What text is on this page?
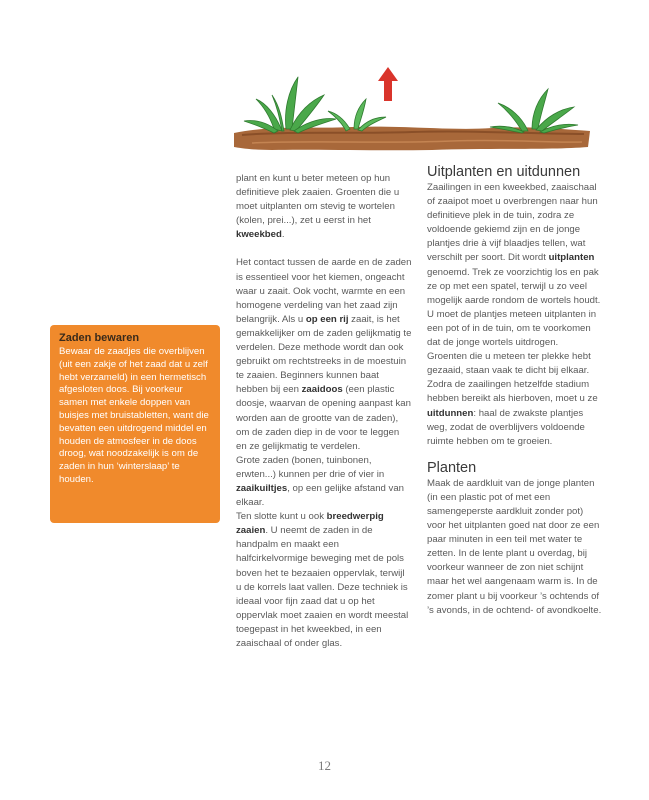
Zaden bewaren

Bewaar de zaadjes die overblijven (uit een zakje of het zaad dat u zelf hebt verzameld) in een hermetisch afgesloten doos. Bij voorkeur samen met enkele doppen van buisjes met bruistabletten, want die bevatten een uitdrogend middel en houden de atmosfeer in de doos droog, wat noodzakelijk is om de zaden in hun ‘winterslaap’ te houden.

plant en kunt u beter meteen op hun definitieve plek zaaien. Groenten die u moet uitplanten om stevig te wortelen (kolen, prei...), zet u eerst in het kweekbed.

Het contact tussen de aarde en de zaden is essentieel voor het kiemen, ongeacht waar u zaait. Ook vocht, warmte en een homogene verdeling van het zaad zijn belangrijk. Als u op een rij zaait, is het gemakkelijker om de zaden gelijkmatig te verdelen. Deze methode wordt dan ook gebruikt om rechtstreeks in de moestuin te zaaien. Beginners kunnen baat hebben bij een zaaidoos (een plastic doosje, waarvan de opening aanpast kan worden aan de grootte van de zaden), om de zaden diep in de voor te leggen en ze gelijkmatig te verdelen.

Grote zaden (bonen, tuinbonen, erwten...) kunnen per drie of vier in zaaikuiltjes, op een gelijke afstand van elkaar.

Ten slotte kunt u ook breedwerpig zaaien. U neemt de zaden in de handpalm en maakt een halfcirkelvormige beweging met de pols boven het te bezaaien oppervlak, terwijl u de korrels laat vallen. Deze techniek is ideaal voor fijn zaad dat u op het oppervlak moet zaaien en wordt meestal toegepast in het kweekbed, in een zaaischaal of onder glas.

Uitplanten en uitdunnen

Zaailingen in een kweekbed, zaaischaal of zaaipot moet u overbrengen naar hun definitieve plek in de tuin, zodra ze voldoende gekiemd zijn en de jonge plantjes drie à vijf blaadjes tellen, wat verschilt per soort. Dit wordt uitplanten genoemd. Trek ze voorzichtig los en pak ze op met een spatel, terwijl u zo veel mogelijk aarde rondom de wortels houdt. U moet de plantjes meteen uitplanten in een pot of in de tuin, om te voorkomen dat de jonge wortels uitdrogen.

Groenten die u meteen ter plekke hebt gezaaid, staan vaak te dicht bij elkaar. Zodra de zaailingen hetzelfde stadium hebben bereikt als hierboven, moet u ze uitdunnen: haal de zwakste plantjes weg, zodat de overblijvers voldoende ruimte hebben om te groeien.

Planten

Maak de aardkluit van de jonge planten (in een plastic pot of met een samengeperste aardkluit zonder pot) voor het uitplanten goed nat door ze een paar minuten in een teil met water te zetten. In de lente plant u overdag, bij voorkeur wanneer de zon niet schijnt maar het wel aangenaam warm is. In de zomer plant u bij voorkeur ’s ochtends of ’s avonds, in de ochtend- of avondkoelte.

12
